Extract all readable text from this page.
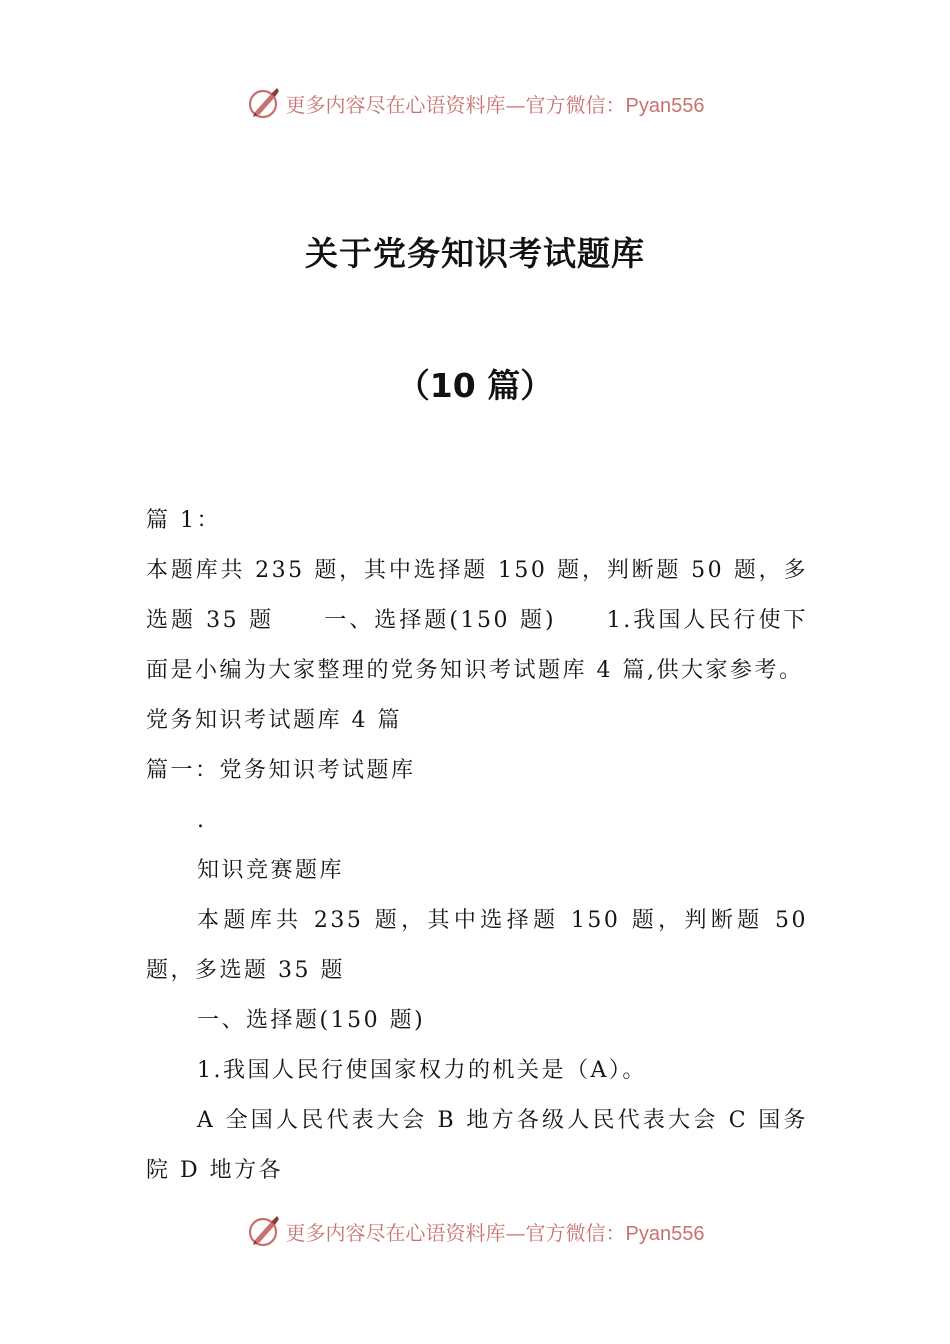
更多内容尽在心语资料库—官方微信：Pyan556
关于党务知识考试题库
（10 篇）

篇 1：

本题库共 235 题，其中选择题 150 题，判断题 50 题，多选题 35 题　　一、选择题(150 题)　　1.我国人民行使下面是小编为大家整理的党务知识考试题库 4 篇,供大家参考。

党务知识考试题库 4 篇

篇一：党务知识考试题库

.

知识竞赛题库

本题库共 235 题，其中选择题 150 题，判断题 50 题，多选题 35 题

一、选择题(150 题)

1.我国人民行使国家权力的机关是（A）。

A 全国人民代表大会 B 地方各级人民代表大会 C 国务院 D 地方各

更多内容尽在心语资料库—官方微信：Pyan556
